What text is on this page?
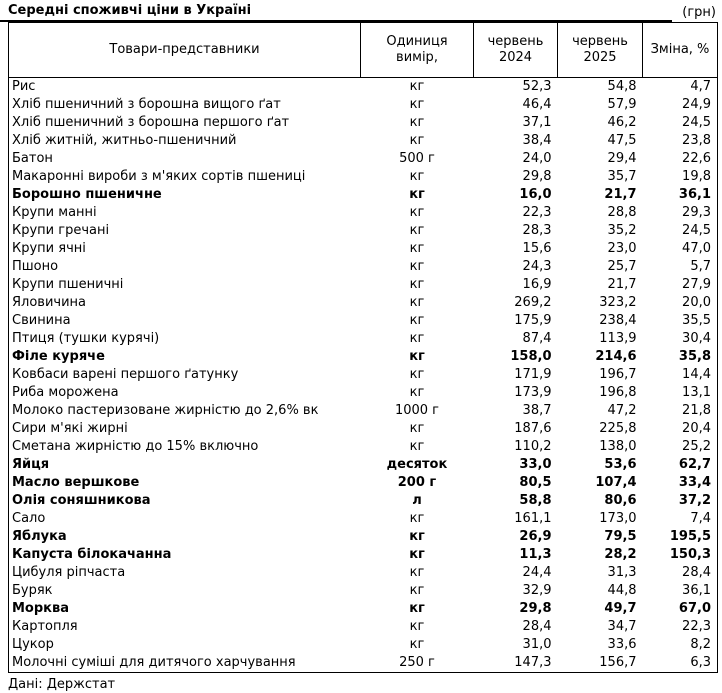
Середні споживчі ціни в Україні	(грн)
Товари-представники	Одиниця вимір,	червень 2024	червень 2025	Зміна, %
Рис	кг	52,3	54,8	4,7
Хліб пшеничний з борошна вищого ґат	кг	46,4	57,9	24,9
Хліб пшеничний з борошна першого ґат	кг	37,1	46,2	24,5
Хліб житній, житньо-пшеничний	кг	38,4	47,5	23,8
Батон	500 г	24,0	29,4	22,6
Макаронні вироби з м'яких сортів пшениці	кг	29,8	35,7	19,8
Борошно пшеничне	кг	16,0	21,7	36,1
Крупи манні	кг	22,3	28,8	29,3
Крупи гречані	кг	28,3	35,2	24,5
Крупи ячні	кг	15,6	23,0	47,0
Пшоно	кг	24,3	25,7	5,7
Крупи пшеничні	кг	16,9	21,7	27,9
Яловичина	кг	269,2	323,2	20,0
Свинина	кг	175,9	238,4	35,5
Птиця (тушки курячі)	кг	87,4	113,9	30,4
Філе куряче	кг	158,0	214,6	35,8
Ковбаси варені першого ґатунку	кг	171,9	196,7	14,4
Риба морожена	кг	173,9	196,8	13,1
Молоко пастеризоване жирністю до 2,6% вк	1000 г	38,7	47,2	21,8
Сири м'які жирні	кг	187,6	225,8	20,4
Сметана жирністю до 15% включно	кг	110,2	138,0	25,2
Яйця	десяток	33,0	53,6	62,7
Масло вершкове	200 г	80,5	107,4	33,4
Олія соняшникова	л	58,8	80,6	37,2
Сало	кг	161,1	173,0	7,4
Яблука	кг	26,9	79,5	195,5
Капуста білокачанна	кг	11,3	28,2	150,3
Цибуля ріпчаста	кг	24,4	31,3	28,4
Буряк	кг	32,9	44,8	36,1
Морква	кг	29,8	49,7	67,0
Картопля	кг	28,4	34,7	22,3
Цукор	кг	31,0	33,6	8,2
Молочні суміші для дитячого харчування	250 г	147,3	156,7	6,3
Дані: Держстат
